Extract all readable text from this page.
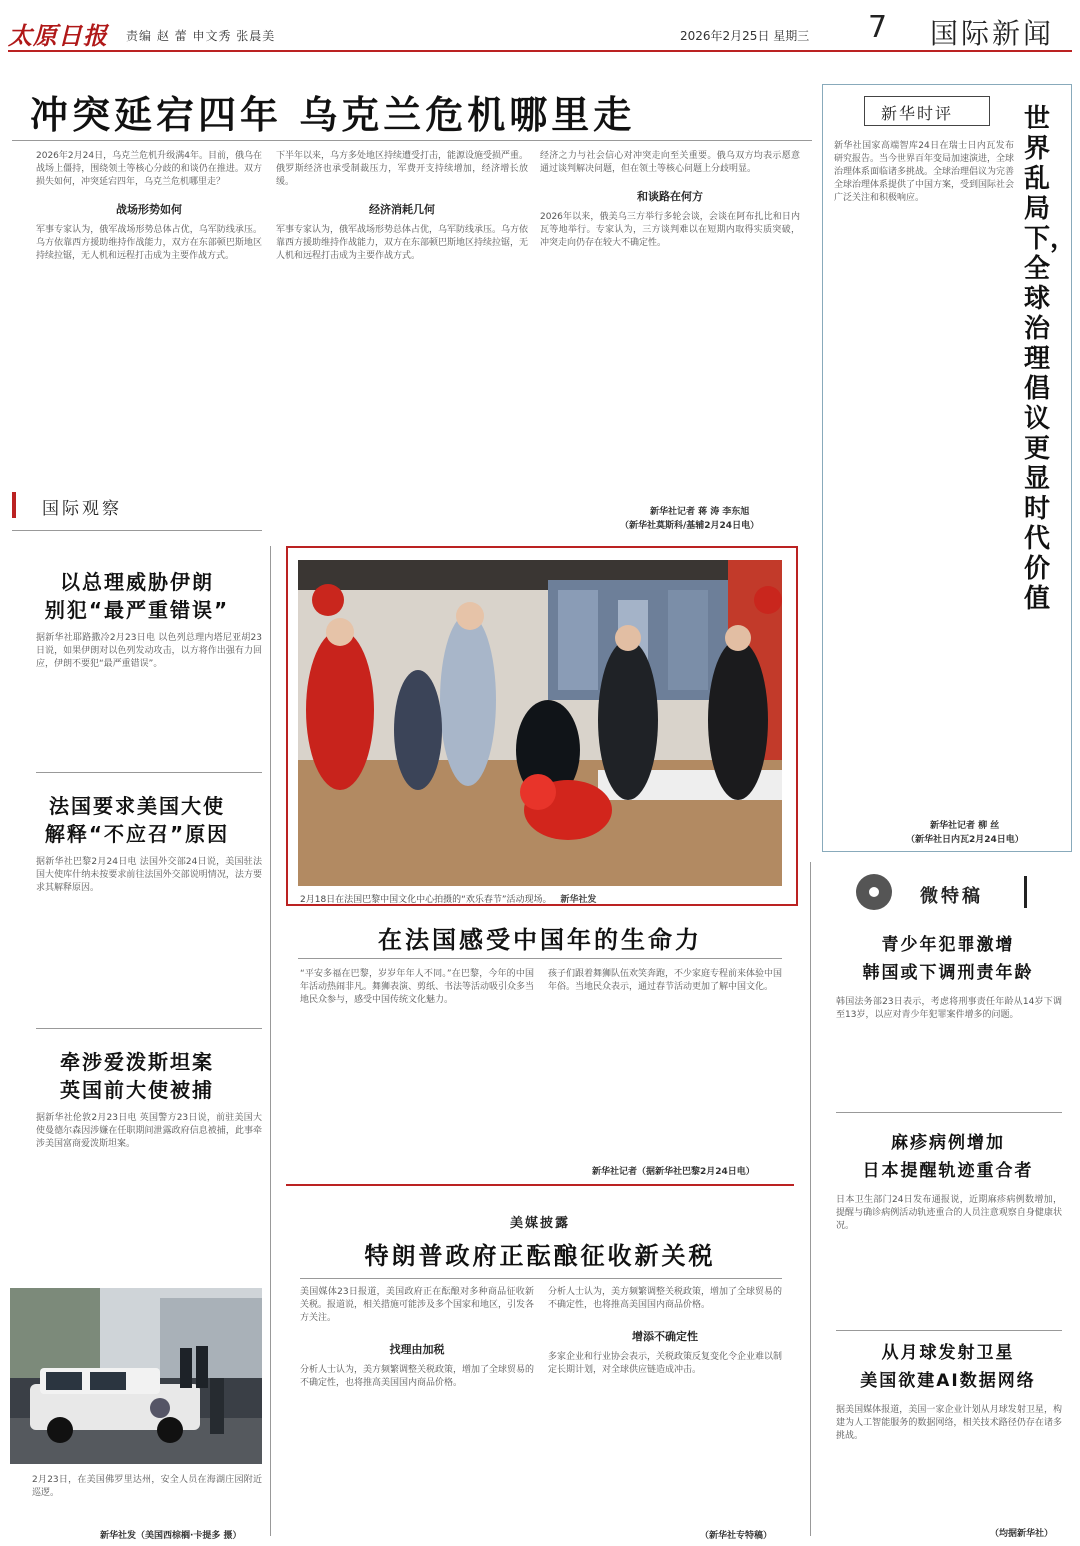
太原日报 责编 赵 蕾 申文秀 张晨美	2026年2月25日 星期三 7 国际新闻
冲突延宕四年 乌克兰危机哪里走
2026年2月24日，乌克兰危机升级满4年。目前，俄乌在战场上僵持，围绕领土等核心分歧的和谈仍在推进。双方损失如何，冲突延宕四年，乌克兰危机哪里走？
战场形势如何
军事专家认为，俄军战场形势总体占优，乌军防线承压。乌方依靠西方援助维持作战能力，双方在东部顿巴斯地区持续拉锯，无人机和远程打击成为主要作战方式。
下半年以来，乌方多处地区持续遭受打击，能源设施受损严重。俄罗斯经济也承受制裁压力，军费开支持续增加，经济增长放缓。
经济消耗几何
军事专家认为，俄军战场形势总体占优，乌军防线承压。乌方依靠西方援助维持作战能力，双方在东部顿巴斯地区持续拉锯，无人机和远程打击成为主要作战方式。
经济之力与社会信心对冲突走向至关重要。俄乌双方均表示愿意通过谈判解决问题，但在领土等核心问题上分歧明显。
和谈路在何方
2026年以来，俄美乌三方举行多轮会谈，会谈在阿布扎比和日内瓦等地举行。专家认为，三方谈判难以在短期内取得实质突破，冲突走向仍存在较大不确定性。
新华社记者 蒋 涛 李东旭
（新华社莫斯科/基辅2月24日电）
国际观察
以总理威胁伊朗
别犯“最严重错误”
据新华社耶路撒冷2月23日电 以色列总理内塔尼亚胡23日说，如果伊朗对以色列发动攻击，以方将作出强有力回应，伊朗不要犯“最严重错误”。
法国要求美国大使
解释“不应召”原因
据新华社巴黎2月24日电 法国外交部24日说，美国驻法国大使库什纳未按要求前往法国外交部说明情况，法方要求其解释原因。
牵涉爱泼斯坦案
英国前大使被捕
据新华社伦敦2月23日电 英国警方23日说，前驻美国大使曼德尔森因涉嫌在任职期间泄露政府信息被捕，此事牵涉美国富商爱泼斯坦案。
2月23日，在美国佛罗里达州，安全人员在海湖庄园附近巡逻。
新华社发（美国西棕榈·卡提多 摄）
2月18日在法国巴黎中国文化中心拍摄的“欢乐春节”活动现场。 新华社发
在法国感受中国年的生命力
“平安多福在巴黎，岁岁年年人不同。”在巴黎，今年的中国年活动热闹非凡。舞狮表演、剪纸、书法等活动吸引众多当地民众参与，感受中国传统文化魅力。
孩子们跟着舞狮队伍欢笑奔跑，不少家庭专程前来体验中国年俗。当地民众表示，通过春节活动更加了解中国文化。
新华社记者（据新华社巴黎2月24日电）
美媒披露
特朗普政府正酝酿征收新关税
美国媒体23日报道，美国政府正在酝酿对多种商品征收新关税。报道说，相关措施可能涉及多个国家和地区，引发各方关注。
找理由加税
分析人士认为，美方频繁调整关税政策，增加了全球贸易的不确定性，也将推高美国国内商品价格。
分析人士认为，美方频繁调整关税政策，增加了全球贸易的不确定性，也将推高美国国内商品价格。
增添不确定性
多家企业和行业协会表示，关税政策反复变化令企业难以制定长期计划，对全球供应链造成冲击。
（新华社专特稿）
新华时评	世界乱局下，全球治理倡议更显时代价值
新华社国家高端智库24日在瑞士日内瓦发布研究报告。当今世界百年变局加速演进，全球治理体系面临诸多挑战。全球治理倡议为完善全球治理体系提供了中国方案，受到国际社会广泛关注和积极响应。
新华社记者 柳 丝
（新华社日内瓦2月24日电）
微特稿
青少年犯罪激增
韩国或下调刑责年龄
韩国法务部23日表示，考虑将刑事责任年龄从14岁下调至13岁，以应对青少年犯罪案件增多的问题。
麻疹病例增加
日本提醒轨迹重合者
日本卫生部门24日发布通报说，近期麻疹病例数增加，提醒与确诊病例活动轨迹重合的人员注意观察自身健康状况。
从月球发射卫星
美国欲建AI数据网络
据美国媒体报道，美国一家企业计划从月球发射卫星，构建为人工智能服务的数据网络，相关技术路径仍存在诸多挑战。
（均据新华社）
